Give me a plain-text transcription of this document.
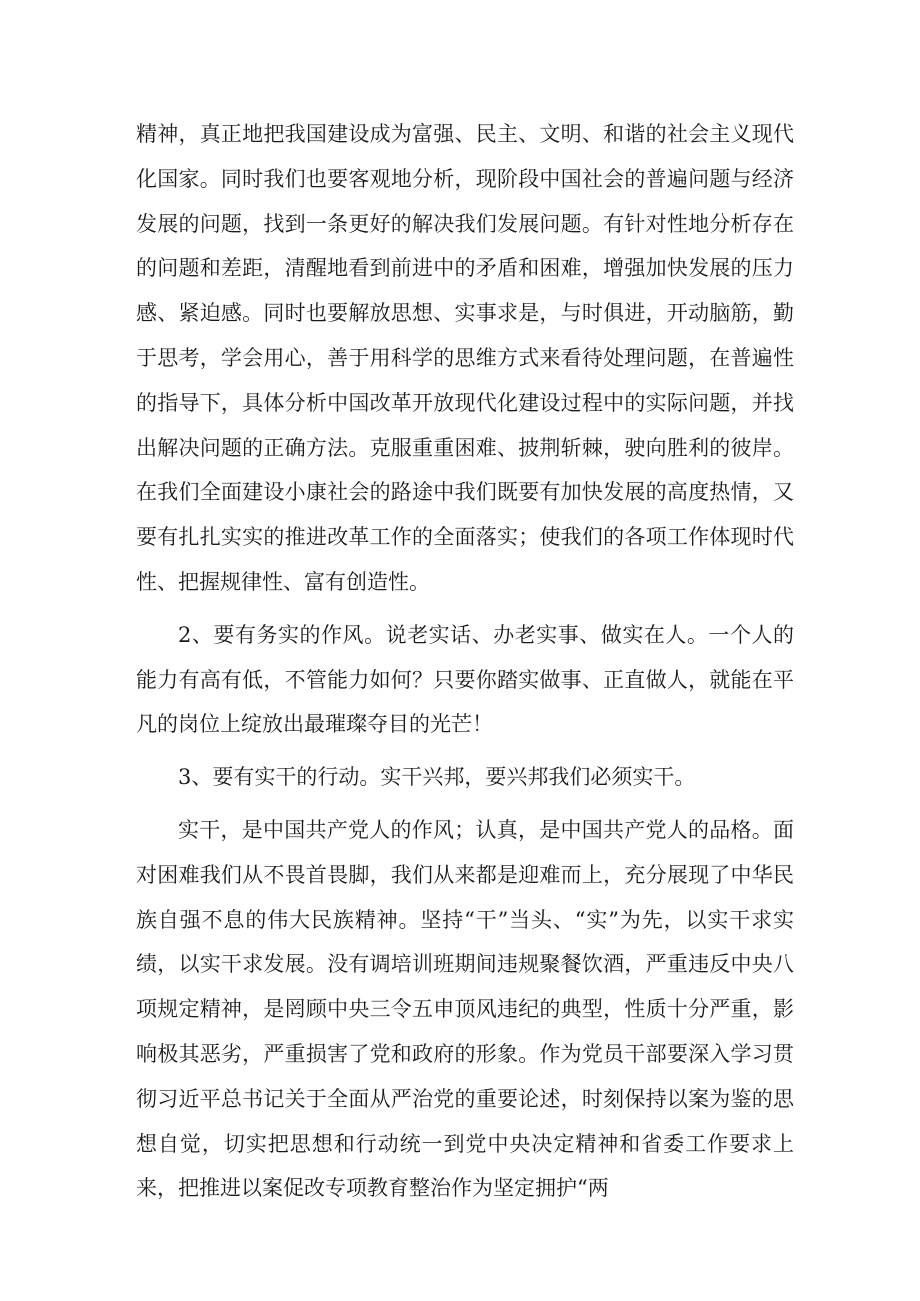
精神，真正地把我国建设成为富强、民主、文明、和谐的社会主义现代化国家。同时我们也要客观地分析，现阶段中国社会的普遍问题与经济发展的问题，找到一条更好的解决我们发展问题。有针对性地分析存在的问题和差距，清醒地看到前进中的矛盾和困难，增强加快发展的压力感、紧迫感。同时也要解放思想、实事求是，与时俱进，开动脑筋，勤于思考，学会用心，善于用科学的思维方式来看待处理问题，在普遍性的指导下，具体分析中国改革开放现代化建设过程中的实际问题，并找出解决问题的正确方法。克服重重困难、披荆斩棘，驶向胜利的彼岸。在我们全面建设小康社会的路途中我们既要有加快发展的高度热情，又要有扎扎实实的推进改革工作的全面落实；使我们的各项工作体现时代性、把握规律性、富有创造性。

2、要有务实的作风。说老实话、办老实事、做实在人。一个人的能力有高有低，不管能力如何？只要你踏实做事、正直做人，就能在平凡的岗位上绽放出最璀璨夺目的光芒！

3、要有实干的行动。实干兴邦，要兴邦我们必须实干。

实干，是中国共产党人的作风；认真，是中国共产党人的品格。面对困难我们从不畏首畏脚，我们从来都是迎难而上，充分展现了中华民族自强不息的伟大民族精神。坚持“干”当头、“实”为先，以实干求实绩，以实干求发展。没有调培训班期间违规聚餐饮酒，严重违反中央八项规定精神，是罔顾中央三令五申顶风违纪的典型，性质十分严重，影响极其恶劣，严重损害了党和政府的形象。作为党员干部要深入学习贯彻习近平总书记关于全面从严治党的重要论述，时刻保持以案为鉴的思想自觉，切实把思想和行动统一到党中央决定精神和省委工作要求上来，把推进以案促改专项教育整治作为坚定拥护“两
